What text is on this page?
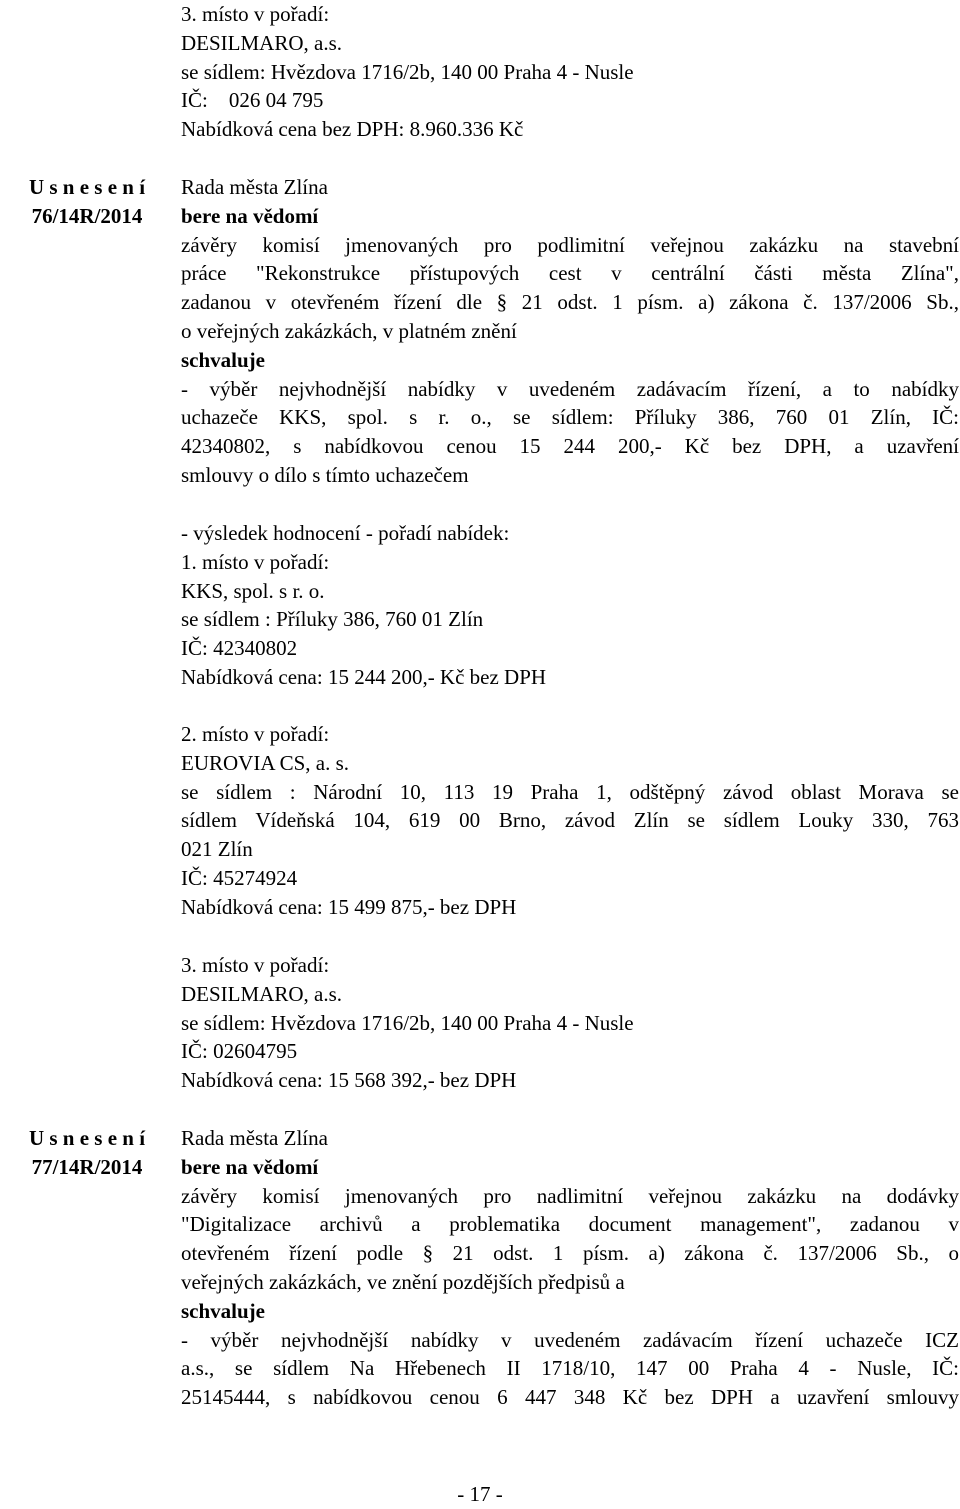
3. místo v pořadí:

DESILMARO, a.s.

se sídlem: Hvězdova 1716/2b, 140 00 Praha 4 - Nusle

IČ:    026 04 795

Nabídková cena bez DPH: 8.960.336 Kč

U s n e s e n í
76/14R/2014

Rada města Zlína

bere na vědomí

závěry komisí jmenovaných pro podlimitní veřejnou zakázku na stavební

práce "Rekonstrukce přístupových cest v centrální části města Zlína",

zadanou v otevřeném řízení dle § 21 odst. 1 písm. a) zákona č. 137/2006 Sb.,

o veřejných zakázkách, v platném znění

schvaluje

- výběr nejvhodnější nabídky v uvedeném zadávacím řízení, a to nabídky

uchazeče KKS, spol. s r. o., se sídlem: Příluky 386, 760 01 Zlín, IČ:

42340802, s nabídkovou cenou 15 244 200,- Kč bez DPH, a uzavření

smlouvy o dílo s tímto uchazečem

- výsledek hodnocení - pořadí nabídek:

1. místo v pořadí:

KKS, spol. s r. o.

se sídlem : Příluky 386, 760 01 Zlín

IČ: 42340802

Nabídková cena: 15 244 200,- Kč bez DPH

2. místo v pořadí:

EUROVIA CS, a. s.

se sídlem : Národní 10, 113 19 Praha 1, odštěpný závod oblast Morava se

sídlem Vídeňská 104, 619 00 Brno, závod Zlín se sídlem Louky 330, 763

021 Zlín

IČ: 45274924

Nabídková cena: 15 499 875,- bez DPH

3. místo v pořadí:

DESILMARO, a.s.

se sídlem: Hvězdova 1716/2b, 140 00 Praha 4 - Nusle

IČ: 02604795

Nabídková cena: 15 568 392,- bez DPH

U s n e s e n í
77/14R/2014

Rada města Zlína

bere na vědomí

závěry komisí jmenovaných pro nadlimitní veřejnou zakázku na dodávky

"Digitalizace archivů a problematika document management", zadanou v

otevřeném řízení podle § 21 odst. 1 písm. a) zákona č. 137/2006 Sb., o

veřejných zakázkách, ve znění pozdějších předpisů a

schvaluje

- výběr nejvhodnější nabídky v uvedeném zadávacím řízení uchazeče ICZ

a.s., se sídlem Na Hřebenech II 1718/10, 147 00 Praha 4 - Nusle, IČ:

25145444, s nabídkovou cenou 6 447 348 Kč bez DPH a uzavření smlouvy

- 17 -
